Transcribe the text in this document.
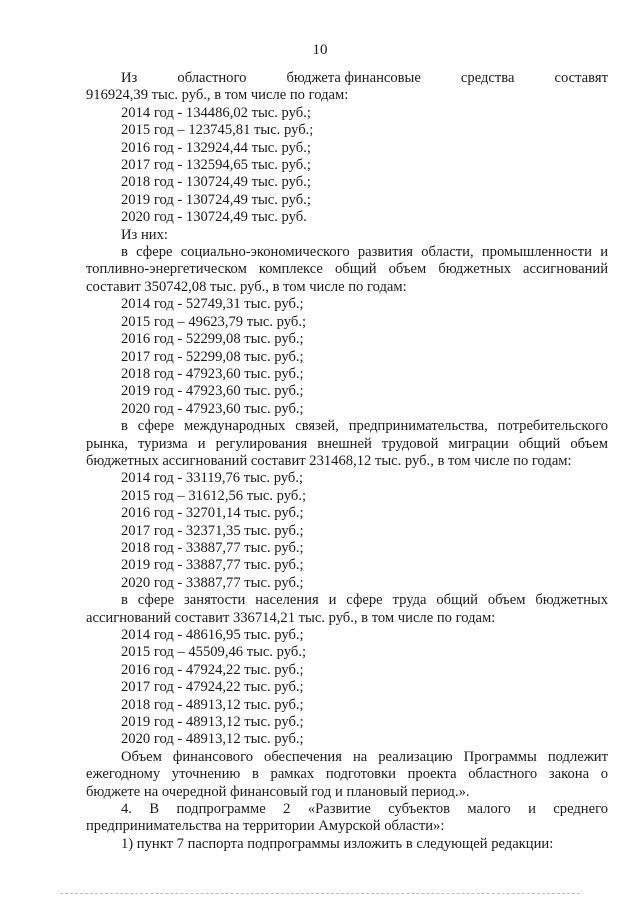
10
Из	областного	бюджета финансовые	средства	составят

916924,39 тыс. руб., в том числе по годам:

2014 год - 134486,02 тыс. руб.;

2015 год – 123745,81 тыс. руб.;

2016 год - 132924,44 тыс. руб.;

2017 год - 132594,65 тыс. руб.;

2018 год - 130724,49 тыс. руб.;

2019 год - 130724,49 тыс. руб.;

2020 год - 130724,49 тыс. руб.

Из них:

в сфере социально-экономического развития области, промышленности и

топливно-энергетическом комплексе общий объем бюджетных ассигнований

составит 350742,08 тыс. руб., в том числе по годам:

2014 год - 52749,31 тыс. руб.;

2015 год – 49623,79 тыс. руб.;

2016 год - 52299,08 тыс. руб.;

2017 год - 52299,08 тыс. руб.;

2018 год - 47923,60 тыс. руб.;

2019 год - 47923,60 тыс. руб.;

2020 год - 47923,60 тыс. руб.;

в сфере международных связей, предпринимательства, потребительского

рынка, туризма и регулирования внешней трудовой миграции общий объем

бюджетных ассигнований составит 231468,12 тыс. руб., в том числе по годам:

2014 год - 33119,76 тыс. руб.;

2015 год – 31612,56 тыс. руб.;

2016 год - 32701,14 тыс. руб.;

2017 год - 32371,35 тыс. руб.;

2018 год - 33887,77 тыс. руб.;

2019 год - 33887,77 тыс. руб.;

2020 год - 33887,77 тыс. руб.;

в сфере занятости населения и сфере труда общий объем бюджетных

ассигнований составит 336714,21 тыс. руб., в том числе по годам:

2014 год - 48616,95 тыс. руб.;

2015 год – 45509,46 тыс. руб.;

2016 год - 47924,22 тыс. руб.;

2017 год - 47924,22 тыс. руб.;

2018 год - 48913,12 тыс. руб.;

2019 год - 48913,12 тыс. руб.;

2020 год - 48913,12 тыс. руб.;

Объем финансового обеспечения на реализацию Программы подлежит

ежегодному уточнению в рамках подготовки проекта областного закона о

бюджете на очередной финансовый год и плановый период.».

4. В подпрограмме 2 «Развитие субъектов малого и среднего

предпринимательства на территории Амурской области»:

1) пункт 7 паспорта подпрограммы изложить в следующей редакции:
